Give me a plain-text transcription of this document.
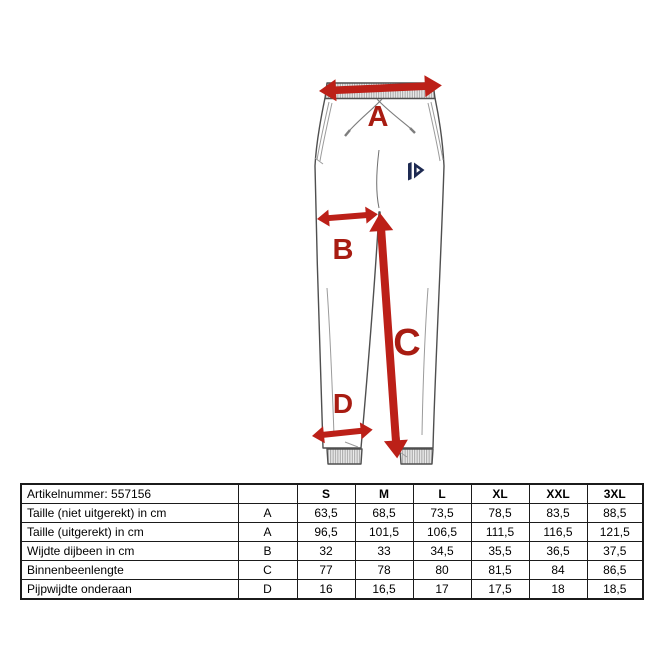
A
B
C
D
Artikelnummer: 557156		S	M	L	XL	XXL	3XL
Taille (niet uitgerekt) in cm	A	63,5	68,5	73,5	78,5	83,5	88,5
Taille (uitgerekt) in cm	A	96,5	101,5	106,5	111,5	116,5	121,5
Wijdte dijbeen in cm	B	32	33	34,5	35,5	36,5	37,5
Binnenbeenlengte	C	77	78	80	81,5	84	86,5
Pijpwijdte onderaan	D	16	16,5	17	17,5	18	18,5
